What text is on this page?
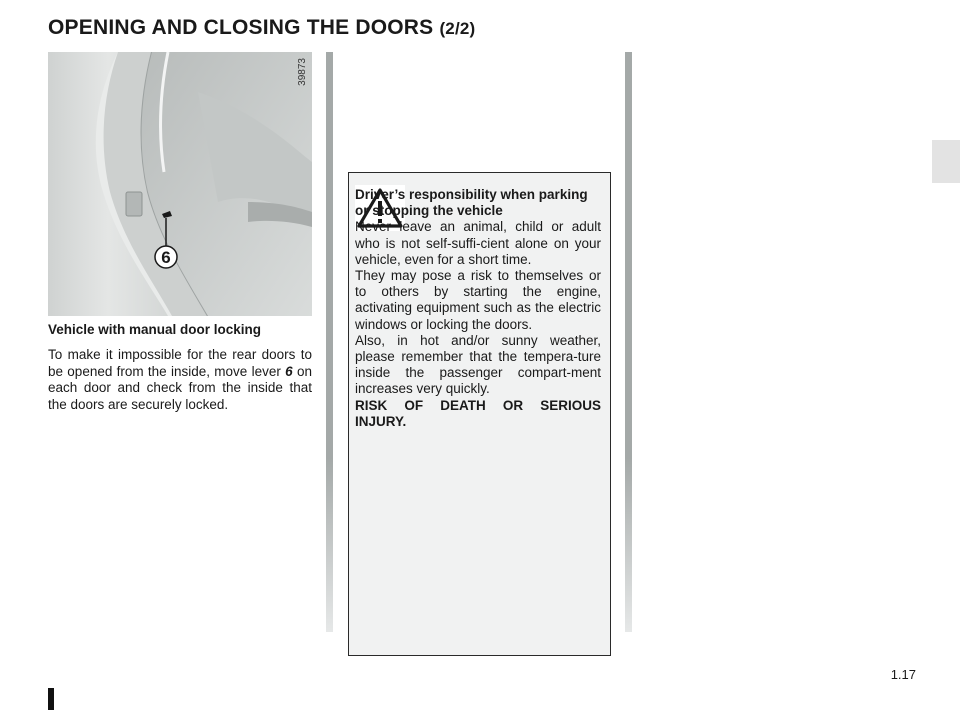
OPENING AND CLOSING THE DOORS (2/2)
6
39873
Vehicle with manual door locking
To make it impossible for the rear doors to be opened from the inside, move lever 6 on each door and check from the inside that the doors are securely locked.

Driver’s responsibility when parking or stopping the vehicle

Never leave an animal, child or adult who is not self-suffi-cient alone on your vehicle, even for a short time.

They may pose a risk to themselves or to others by starting the engine, activating equipment such as the electric windows or locking the doors.

Also, in hot and/or sunny weather, please remember that the tempera-ture inside the passenger compart-ment increases very quickly.

RISK OF DEATH OR SERIOUS INJURY.

1.17
